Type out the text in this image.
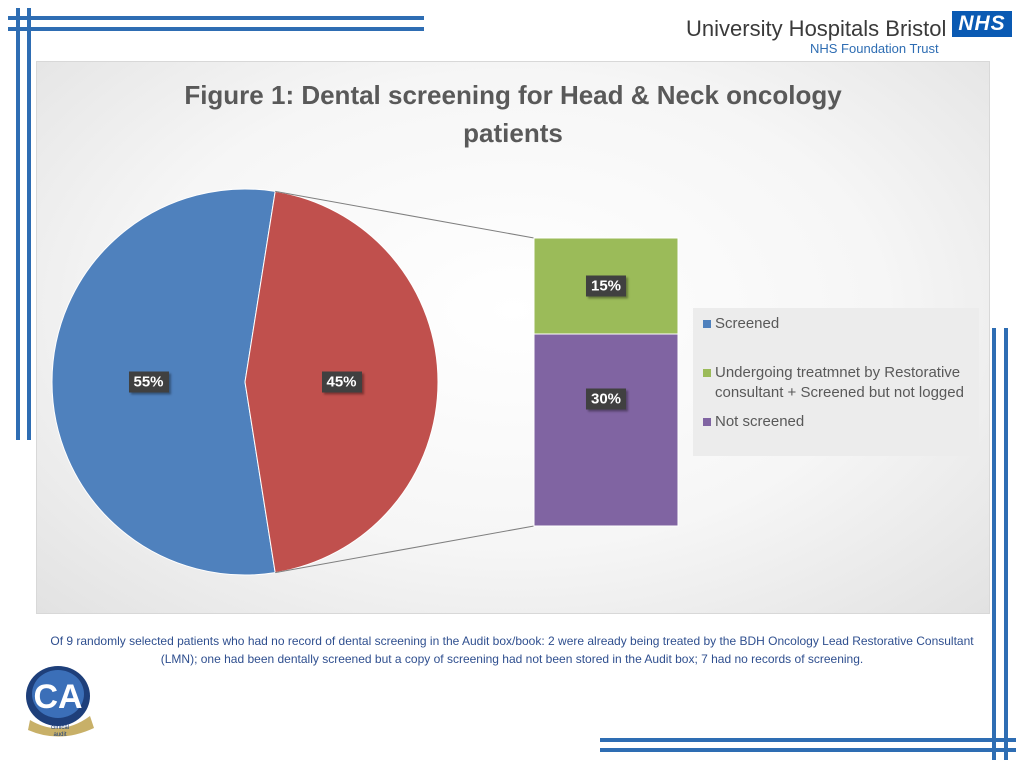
University Hospitals Bristol
NHS Foundation Trust
NHS
Figure 1: Dental screening for Head & Neck oncology patients
55%	45%
15%
30%
Screened
Undergoing treatmnet by Restorative consultant + Screened but not logged
Not screened
Of 9 randomly selected patients who had no record of dental screening in the Audit box/book: 2 were already being treated by the BDH Oncology Lead Restorative Consultant (LMN); one had been dentally screened but a copy of screening had not been stored in the Audit box; 7 had no records of screening.
CA
clinical
audit
